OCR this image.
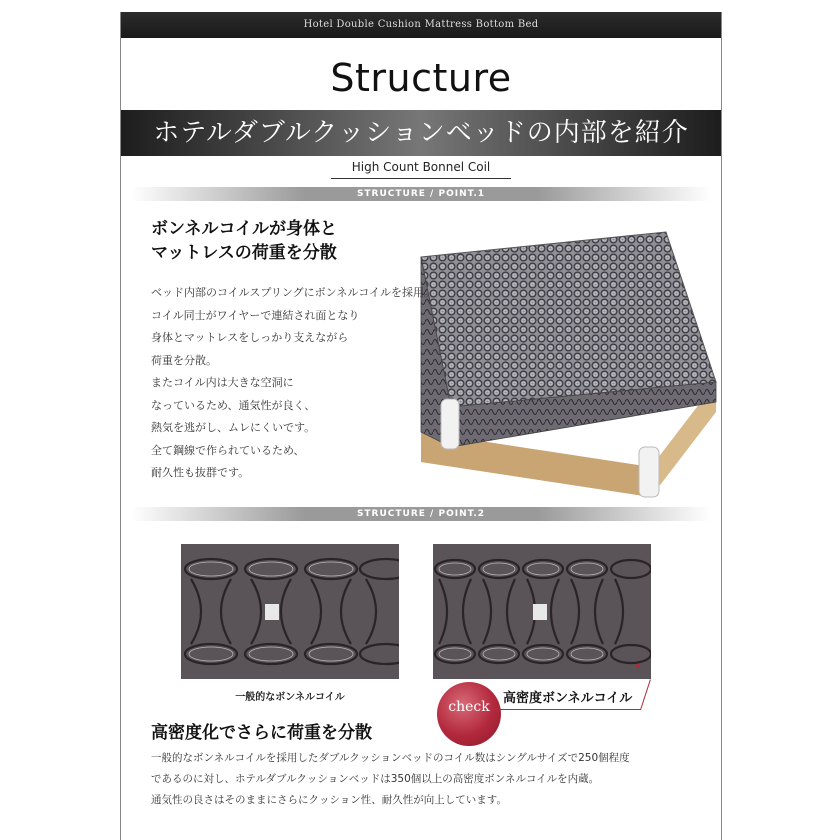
Hotel Double Cushion Mattress Bottom Bed
Structure
ホテルダブルクッションベッドの内部を紹介
High Count Bonnel Coil
STRUCTURE / POINT.1
ボンネルコイルが身体と
マットレスの荷重を分散
ベッド内部のコイルスプリングにボンネルコイルを採用。
コイル同士がワイヤーで連結され面となり
身体とマットレスをしっかり支えながら
荷重を分散。
またコイル内は大きな空洞に
なっているため、通気性が良く、
熱気を逃がし、ムレにくいです。
全て鋼線で作られているため、
耐久性も抜群です。
STRUCTURE / POINT.2
一般的なボンネルコイル
check
高密度ボンネルコイル
高密度化でさらに荷重を分散
一般的なボンネルコイルを採用したダブルクッションベッドのコイル数はシングルサイズで250個程度
であるのに対し、ホテルダブルクッションベッドは350個以上の高密度ボンネルコイルを内蔵。
通気性の良さはそのままにさらにクッション性、耐久性が向上しています。
